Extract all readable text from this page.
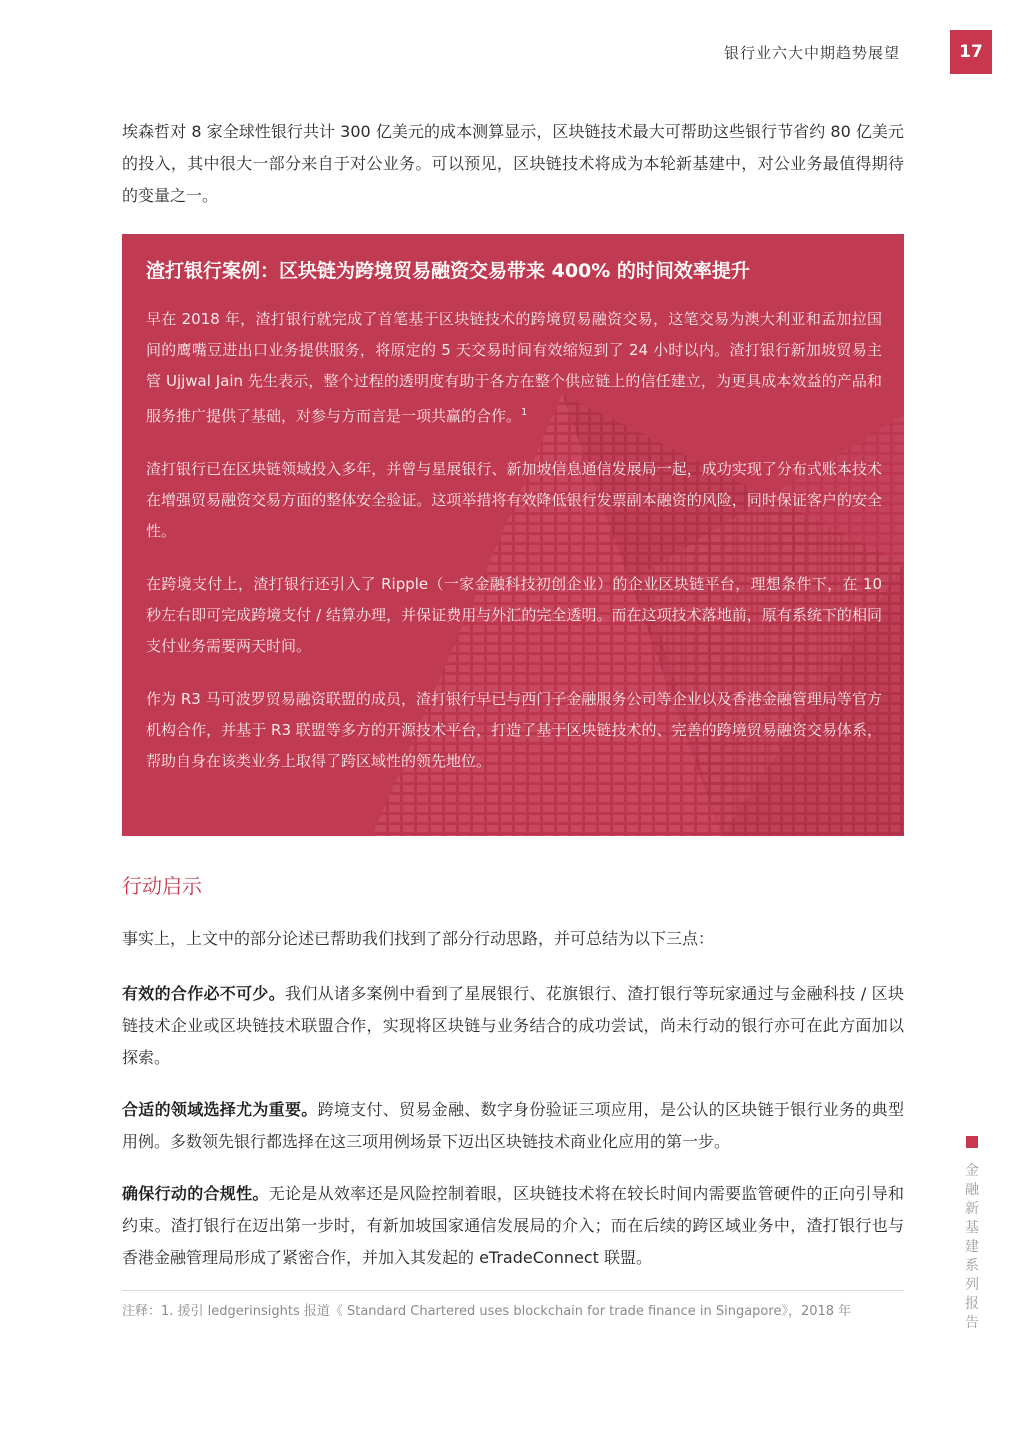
银行业六大中期趋势展望	17

埃森哲对 8 家全球性银行共计 300 亿美元的成本测算显示，区块链技术最大可帮助这些银行节省约 80 亿美元的投入，其中很大一部分来自于对公业务。可以预见，区块链技术将成为本轮新基建中，对公业务最值得期待的变量之一。

渣打银行案例：区块链为跨境贸易融资交易带来 400% 的时间效率提升

早在 2018 年，渣打银行就完成了首笔基于区块链技术的跨境贸易融资交易，这笔交易为澳大利亚和孟加拉国间的鹰嘴豆进出口业务提供服务，将原定的 5 天交易时间有效缩短到了 24 小时以内。渣打银行新加坡贸易主管 Ujjwal Jain 先生表示，整个过程的透明度有助于各方在整个供应链上的信任建立，为更具成本效益的产品和服务推广提供了基础，对参与方而言是一项共赢的合作。$^1$

渣打银行已在区块链领域投入多年，并曾与星展银行、新加坡信息通信发展局一起，成功实现了分布式账本技术在增强贸易融资交易方面的整体安全验证。这项举措将有效降低银行发票副本融资的风险，同时保证客户的安全性。

在跨境支付上，渣打银行还引入了 Ripple（一家金融科技初创企业）的企业区块链平台，理想条件下，在 10 秒左右即可完成跨境支付 / 结算办理，并保证费用与外汇的完全透明。而在这项技术落地前，原有系统下的相同支付业务需要两天时间。

作为 R3 马可波罗贸易融资联盟的成员，渣打银行早已与西门子金融服务公司等企业以及香港金融管理局等官方机构合作，并基于 R3 联盟等多方的开源技术平台，打造了基于区块链技术的、完善的跨境贸易融资交易体系，帮助自身在该类业务上取得了跨区域性的领先地位。

行动启示

事实上，上文中的部分论述已帮助我们找到了部分行动思路，并可总结为以下三点：

有效的合作必不可少。我们从诸多案例中看到了星展银行、花旗银行、渣打银行等玩家通过与金融科技 / 区块链技术企业或区块链技术联盟合作，实现将区块链与业务结合的成功尝试，尚未行动的银行亦可在此方面加以探索。

合适的领域选择尤为重要。跨境支付、贸易金融、数字身份验证三项应用，是公认的区块链于银行业务的典型用例。多数领先银行都选择在这三项用例场景下迈出区块链技术商业化应用的第一步。

确保行动的合规性。无论是从效率还是风险控制着眼，区块链技术将在较长时间内需要监管硬件的正向引导和约束。渣打银行在迈出第一步时，有新加坡国家通信发展局的介入；而在后续的跨区域业务中，渣打银行也与香港金融管理局形成了紧密合作，并加入其发起的 eTradeConnect 联盟。

注释：1. 援引 ledgerinsights 报道《 Standard Chartered uses blockchain for trade finance in Singapore》，2018 年

金融新基建系列报告
